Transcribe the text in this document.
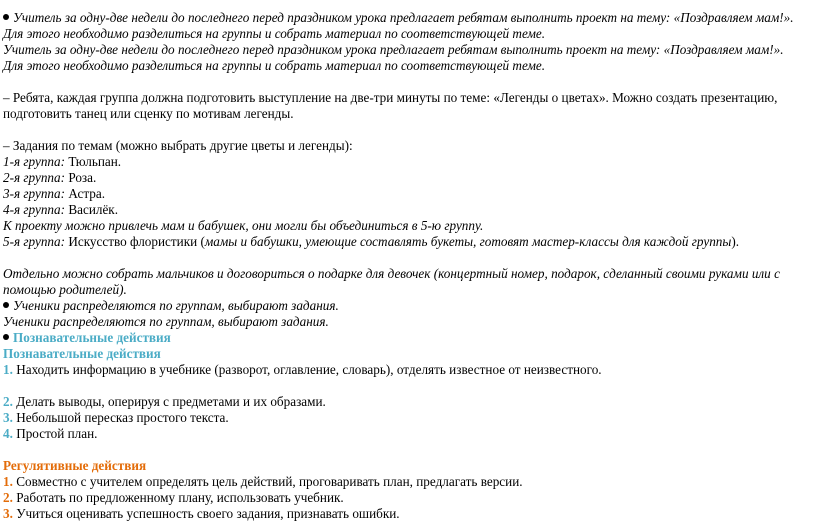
Учитель за одну-две недели до последнего перед праздником урока предлагает ребятам выполнить проект на тему: «Поздравляем мам!».

Для этого необходимо разделиться на группы и собрать материал по соответствующей теме.

Учитель за одну-две недели до последнего перед праздником урока предлагает ребятам выполнить проект на тему: «Поздравляем мам!».

Для этого необходимо разделиться на группы и собрать материал по соответствующей теме.

– Ребята, каждая группа должна подготовить выступление на две-три минуты по теме: «Легенды о цветах». Можно создать презентацию, подготовить танец или сценку по мотивам легенды.

– Задания по темам (можно выбрать другие цветы и легенды):

1-я группа: Тюльпан.

2-я группа: Роза.

3-я группа: Астра.

4-я группа: Василёк.

К проекту можно привлечь мам и бабушек, они могли бы объединиться в 5-ю группу.

5-я группа: Искусство флористики (мамы и бабушки, умеющие составлять букеты, готовят мастер-классы для каждой группы).

Отдельно можно собрать мальчиков и договориться о подарке для девочек (концертный номер, подарок, сделанный своими руками или с

помощью родителей).

Ученики распределяются по группам, выбирают задания.

Ученики распределяются по группам, выбирают задания.

Познавательные действия

Познавательные действия

1. Находить информацию в учебнике (разворот, оглавление, словарь), отделять известное от неизвестного.

2. Делать выводы, оперируя с предметами и их образами.

3. Небольшой пересказ простого текста.

4. Простой план.

Регулятивные действия

1. Совместно с учителем определять цель действий, проговаривать план, предлагать версии.

2. Работать по предложенному плану, использовать учебник.

3. Учиться оценивать успешность своего задания, признавать ошибки.
